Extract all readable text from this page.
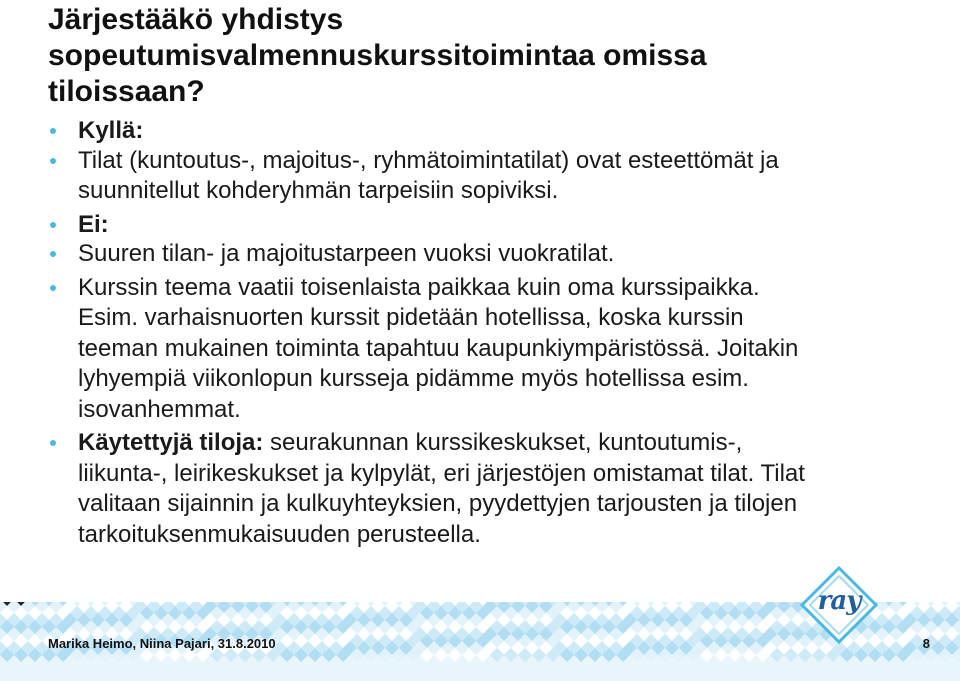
Järjestääkö yhdistys
sopeutumisvalmennuskurssitoimintaa omissa
tiloissaan?
Kyllä:
Tilat (kuntoutus-, majoitus-, ryhmätoimintatilat) ovat esteettömät ja
suunnitellut kohderyhmän tarpeisiin sopiviksi.
Ei:
Suuren tilan- ja majoitustarpeen vuoksi vuokratilat.
Kurssin teema vaatii toisenlaista paikkaa kuin oma kurssipaikka.
Esim. varhaisnuorten kurssit pidetään hotellissa, koska kurssin
teeman mukainen toiminta tapahtuu kaupunkiympäristössä. Joitakin
lyhyempiä viikonlopun kursseja pidämme myös hotellissa esim.
isovanhemmat.
Käytettyjä tiloja: seurakunnan kurssikeskukset, kuntoutumis-,
liikunta-, leirikeskukset ja kylpylät, eri järjestöjen omistamat tilat. Tilat
valitaan sijainnin ja kulkuyhteyksien, pyydettyjen tarjousten ja tilojen
tarkoituksenmukaisuuden perusteella.
ray
Marika Heimo, Niina Pajari, 31.8.2010	8
